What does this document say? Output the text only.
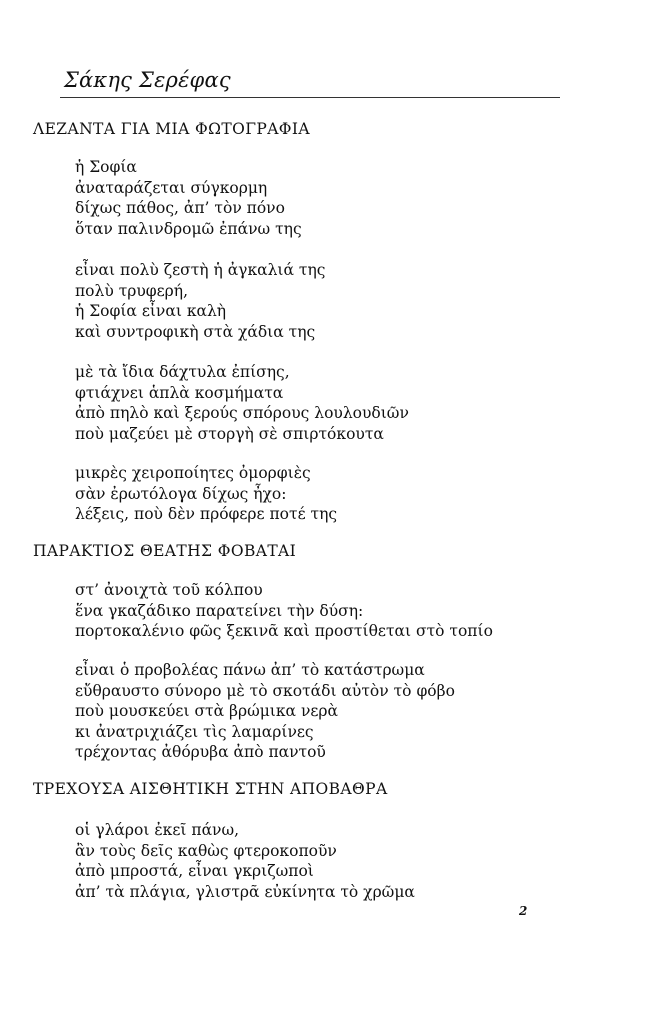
Σάκης Σερέφας
ΛΕΖΑΝΤΑ ΓΙΑ ΜΙΑ ΦΩΤΟΓΡΑΦΙΑ
ἡ Σοφία
ἀναταράζεται σύγκορμη
δίχως πάθος, ἀπ’ τὸν πόνο
ὅταν παλινδρομῶ ἐπάνω της
εἶναι πολὺ ζεστὴ ἡ ἀγκαλιά της
πολὺ τρυφερή,
ἡ Σοφία εἶναι καλὴ
καὶ συντροφικὴ στὰ χάδια της
μὲ τὰ ἴδια δάχτυλα ἐπίσης,
φτιάχνει ἁπλὰ κοσμήματα
ἀπὸ πηλὸ καὶ ξερούς σπόρους λουλουδιῶν
ποὺ μαζεύει μὲ στοργὴ σὲ σπιρτόκουτα
μικρὲς χειροποίητες ὀμορφιὲς
σὰν ἐρωτόλογα δίχως ἦχο:
λέξεις, ποὺ δὲν πρόφερε ποτέ της
ΠΑΡΑΚΤΙΟΣ ΘΕΑΤΗΣ ΦΟΒΑΤΑΙ
στ’ ἀνοιχτὰ τοῦ κόλπου
ἕνα γκαζάδικο παρατείνει τὴν δύση:
πορτοκαλένιο φῶς ξεκινᾶ καὶ προστίθεται στὸ τοπίο
εἶναι ὁ προβολέας πάνω ἀπ’ τὸ κατάστρωμα
εὔθραυστο σύνορο μὲ τὸ σκοτάδι αὐτὸν τὸ φόβο
ποὺ μουσκεύει στὰ βρώμικα νερὰ
κι ἀνατριχιάζει τὶς λαμαρίνες
τρέχοντας ἀθόρυβα ἀπὸ παντοῦ
ΤΡΕΧΟΥΣΑ ΑΙΣΘΗΤΙΚΗ ΣΤΗΝ ΑΠΟΒΑΘΡΑ
οἱ γλάροι ἐκεῖ πάνω,
ἂν τοὺς δεῖς καθὼς φτεροκοποῦν
ἀπὸ μπροστά, εἶναι γκριζωποὶ
ἀπ’ τὰ πλάγια, γλιστρᾶ εὐκίνητα τὸ χρῶμα
2
